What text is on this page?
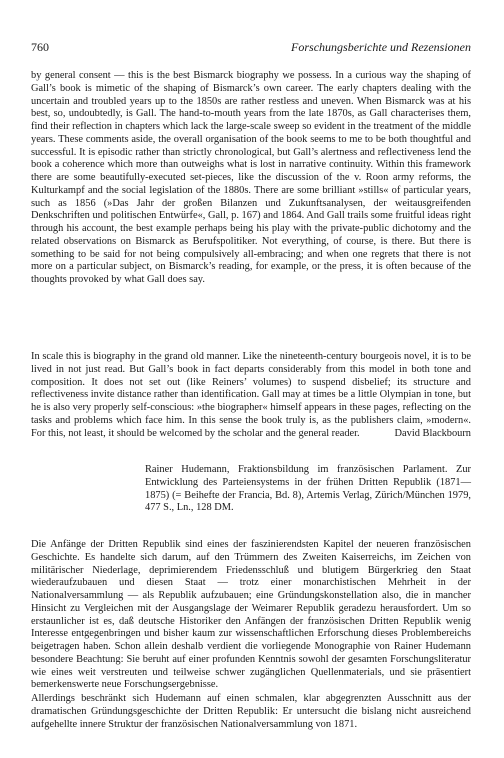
760	Forschungsberichte und Rezensionen

by general consent — this is the best Bismarck biography we possess. In a curious way the shaping of Gall’s book is mimetic of the shaping of Bismarck’s own career. The early chapters dealing with the uncertain and troubled years up to the 1850s are rather restless and uneven. When Bismarck was at his best, so, undoubtedly, is Gall. The hand-to-mouth years from the late 1870s, as Gall characterises them, find their reflection in chapters which lack the large-scale sweep so evident in the treatment of the middle years. These comments aside, the overall organisation of the book seems to me to be both thoughtful and successful. It is episodic rather than strictly chronological, but Gall’s alertness and reflectiveness lend the book a coherence which more than outweighs what is lost in narrative continuity. Within this framework there are some beautifully-executed set-pieces, like the discussion of the v. Roon army reforms, the Kulturkampf and the social legislation of the 1880s. There are some brilliant »stills« of particular years, such as 1856 (»Das Jahr der großen Bilanzen und Zukunftsanalysen, der weitausgreifenden Denkschriften und politischen Entwürfe«, Gall, p. 167) and 1864. And Gall trails some fruitful ideas right through his account, the best example perhaps being his play with the private-public dichotomy and the related observations on Bismarck as Berufspolitiker. Not everything, of course, is there. But there is something to be said for not being compulsively all-embracing; and when one regrets that there is not more on a particular subject, on Bismarck’s reading, for example, or the press, it is often because of the thoughts provoked by what Gall does say.

In scale this is biography in the grand old manner. Like the nineteenth-century bourgeois novel, it is to be lived in not just read. But Gall’s book in fact departs considerably from this model in both tone and composition. It does not set out (like Reiners’ volumes) to suspend disbelief; its structure and reflectiveness invite distance rather than identification. Gall may at times be a little Olympian in tone, but he is also very properly self-conscious: »the biographer« himself appears in these pages, reflecting on the tasks and problems which face him. In this sense the book truly is, as the publishers claim, »modern«. For this, not least, it should be welcomed by the scholar and the general reader.	David Blackbourn

Rainer Hudemann, Fraktionsbildung im französischen Parlament. Zur Entwicklung des Parteiensystems in der frühen Dritten Republik (1871—1875) (= Beihefte der Francia, Bd. 8), Artemis Verlag, Zürich/München 1979, 477 S., Ln., 128 DM.

Die Anfänge der Dritten Republik sind eines der faszinierendsten Kapitel der neueren französischen Geschichte. Es handelte sich darum, auf den Trümmern des Zweiten Kaiserreichs, im Zeichen von militärischer Niederlage, deprimierendem Friedensschluß und blutigem Bürgerkrieg den Staat wiederaufzubauen und diesen Staat — trotz einer monarchistischen Mehrheit in der Nationalversammlung — als Republik aufzubauen; eine Gründungskonstellation also, die in mancher Hinsicht zu Vergleichen mit der Ausgangslage der Weimarer Republik geradezu herausfordert. Um so erstaunlicher ist es, daß deutsche Historiker den Anfängen der französischen Dritten Republik wenig Interesse entgegenbringen und bisher kaum zur wissenschaftlichen Erforschung dieses Problembereichs beigetragen haben. Schon allein deshalb verdient die vorliegende Monographie von Rainer Hudemann besondere Beachtung: Sie beruht auf einer profunden Kenntnis sowohl der gesamten Forschungsliteratur wie eines weit verstreuten und teilweise schwer zugänglichen Quellenmaterials, und sie präsentiert bemerkenswerte neue Forschungsergebnisse.

Allerdings beschränkt sich Hudemann auf einen schmalen, klar abgegrenzten Ausschnitt aus der dramatischen Gründungsgeschichte der Dritten Republik: Er untersucht die bislang nicht ausreichend aufgehellte innere Struktur der französischen Nationalversammlung von 1871.
